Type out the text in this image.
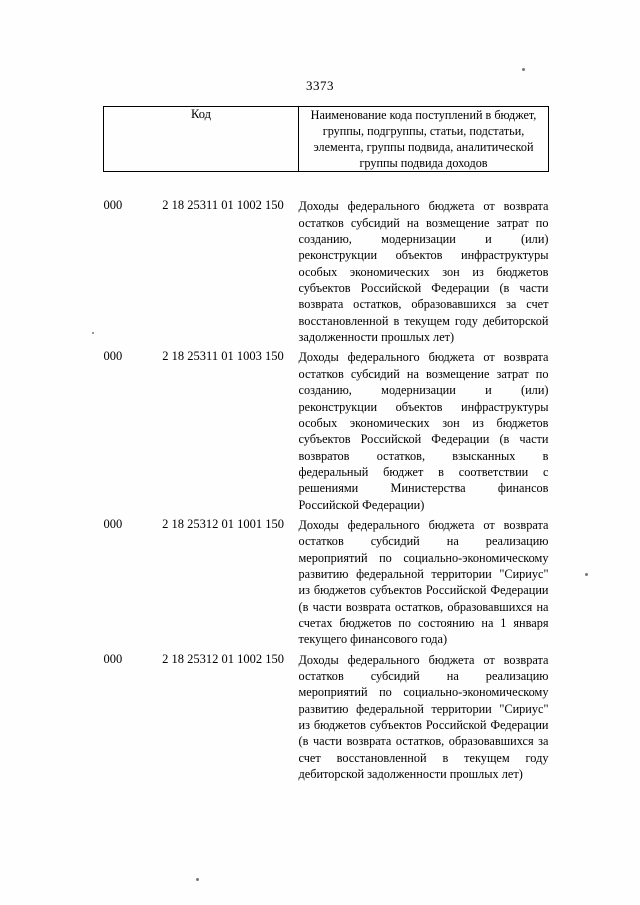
3373
Код		Наименование кода поступлений в бюджет, группы, подгруппы, статьи, подстатьи, элемента, группы подвида, аналитической группы подвида доходов

000	2 18 25311 01 1002 150	Доходы федерального бюджета от возврата остатков субсидий на возмещение затрат по созданию, модернизации и (или) реконструкции объектов инфраструктуры особых экономических зон из бюджетов субъектов Российской Федерации (в части возврата остатков, образовавшихся за счет восстановленной в текущем году дебиторской задолженности прошлых лет)

000	2 18 25311 01 1003 150	Доходы федерального бюджета от возврата остатков субсидий на возмещение затрат по созданию, модернизации и (или) реконструкции объектов инфраструктуры особых экономических зон из бюджетов субъектов Российской Федерации (в части возвратов остатков, взысканных в федеральный бюджет в соответствии с решениями Министерства финансов Российской Федерации)

000	2 18 25312 01 1001 150	Доходы федерального бюджета от возврата остатков субсидий на реализацию мероприятий по социально-экономическому развитию федеральной территории "Сириус" из бюджетов субъектов Российской Федерации (в части возврата остатков, образовавшихся на счетах бюджетов по состоянию на 1 января текущего финансового года)

000	2 18 25312 01 1002 150	Доходы федерального бюджета от возврата остатков субсидий на реализацию мероприятий по социально-экономическому развитию федеральной территории "Сириус" из бюджетов субъектов Российской Федерации (в части возврата остатков, образовавшихся за счет восстановленной в текущем году дебиторской задолженности прошлых лет)
